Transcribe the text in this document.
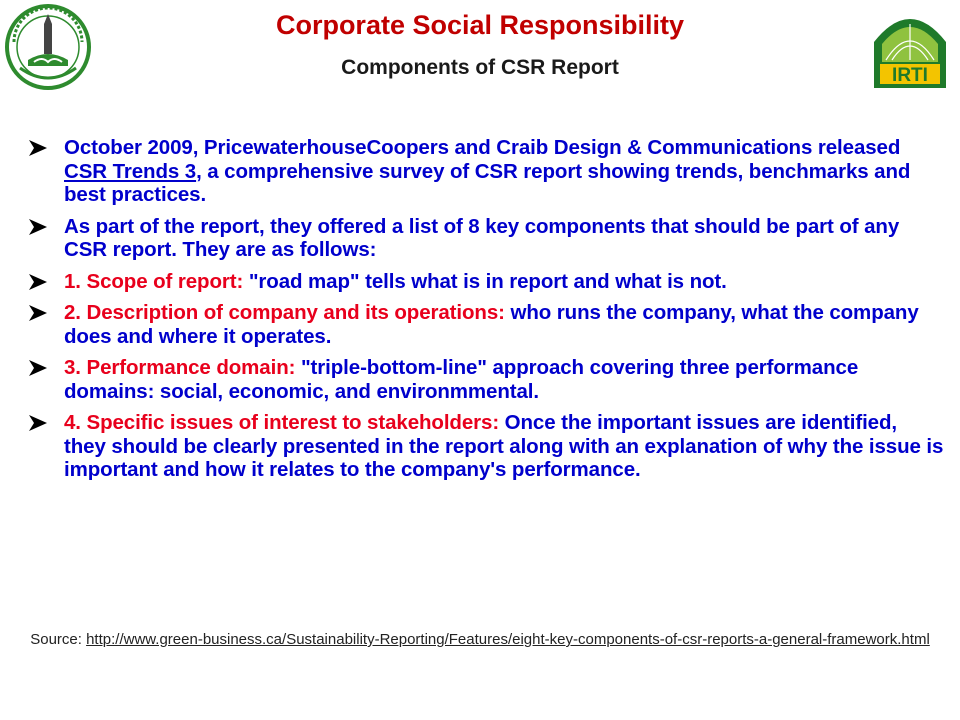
IRTI
Corporate Social Responsibility
Components of CSR Report
October 2009, PricewaterhouseCoopers and Craib Design & Communications released CSR Trends 3, a comprehensive survey of CSR report showing trends, benchmarks and best practices.
As part of the report, they offered a list of 8 key components that should be part of any CSR report. They are as follows:
1. Scope of report: "road map" tells what is in report and what is not.
2. Description of company and its operations: who runs the company, what the company does and where it operates.
3. Performance domain: "triple-bottom-line" approach covering three performance domains: social, economic, and environmmental.
4. Specific issues of interest to stakeholders: Once the important issues are identified, they should be clearly presented in the report along with an explanation of why the issue is important and how it relates to the company's performance.
Source: http://www.green-business.ca/Sustainability-Reporting/Features/eight-key-components-of-csr-reports-a-general-framework.html
